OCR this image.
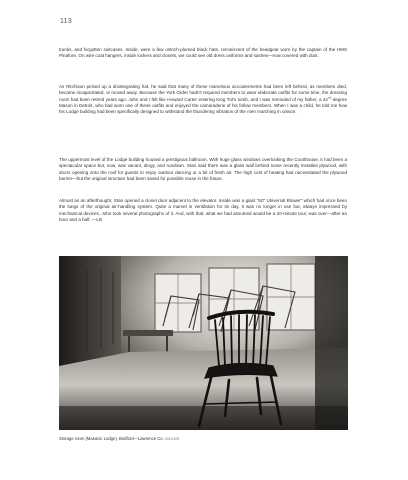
113

trunks, and forgotten suitcases. Inside, were a few ostrich-plumed black hats, reminiscent of the headgear worn by the captain of the HMS Pinafore. On wire coat hangers, inside lockers and closets, we could see old dress uniforms and sashes—now covered with dust.

As Ritchison picked up a disintegrating hat, he said that many of these marvelous accouterments had been left behind, as members died, became incapacitated, or moved away. Because the York Order hadn't required members to wear elaborate outfits for some time, the dressing room had been retired years ago. John and I felt like Howard Carter entering King Tut's tomb, and I was reminded of my father, a 32nd-degree Mason in Detroit, who had worn one of these outfits and enjoyed the camaraderie of his fellow members. When I was a child, he told me how his Lodge building had been specifically designed to withstand the thundering vibration of the men marching in unison.

The uppermost level of the Lodge building housed a prestigious ballroom. With huge glass windows overlooking the Courthouse, it had been a spectacular space but, now, was vacant, dingy, and rundown. Stan said there was a glass wall behind some recently installed plywood, with doors opening onto the roof for guests to enjoy outdoor dancing or a bit of fresh air. The high cost of heating had necessitated the plywood barrier—but the original structure had been saved for possible reuse in the future.

Almost as an afterthought, Stan opened a closet door adjacent to the elevator. Inside was a giant "60" Universal Blower" which had once been the lungs of the original air-handling system. Quite a marvel in ventilation for its day, it was no longer in use but, always impressed by mechanical devices, John took several photographs of it. And, with that, what we had assumed would be a 20-minute tour, was over—after an hour and a half. —LB

Storage room (Masonic Lodge), Bedford—Lawrence Co. 2010-875
